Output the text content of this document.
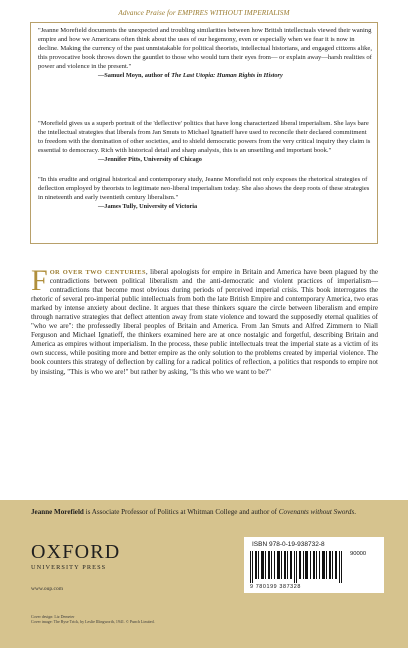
Advance Praise for EMPIRES WITHOUT IMPERIALISM
"Jeanne Morefield documents the unexpected and troubling similarities between how British intellectuals viewed their waning empire and how we Americans often think about the uses of our hegemony, even or especially when we fear it is now in decline. Making the currency of the past unmistakable for political theorists, intellectual historians, and engaged citizens alike, this provocative book throws down the gauntlet to those who would turn their eyes from— or explain away—harsh realities of power and violence in the present."
—Samuel Moyn, author of The Last Utopia: Human Rights in History
"Morefield gives us a superb portrait of the 'deflective' politics that have long characterized liberal imperialism. She lays bare the intellectual strategies that liberals from Jan Smuts to Michael Ignatieff have used to reconcile their declared commitment to freedom with the domination of other societies, and to shield democratic powers from the very critical inquiry they claim is essential to democracy. Rich with historical detail and sharp analysis, this is an unsettling and important book."
—Jennifer Pitts, University of Chicago
"In this erudite and original historical and contemporary study, Jeanne Morefield not only exposes the rhetorical strategies of deflection employed by theorists to legitimate neo-liberal imperialism today. She also shows the deep roots of these strategies in nineteenth and early twentieth century liberalism."
—James Tully, University of Victoria
FOR OVER TWO CENTURIES, liberal apologists for empire in Britain and America have been plagued by the contradictions between political liberalism and the anti-democratic and violent practices of imperialism—contradictions that become most obvious during periods of perceived imperial crisis. This book interrogates the rhetoric of several pro-imperial public intellectuals from both the late British Empire and contemporary America, two eras marked by intense anxiety about decline. It argues that these thinkers square the circle between liberalism and empire through narrative strategies that deflect attention away from state violence and toward the supposedly eternal qualities of "who we are": the professedly liberal peoples of Britain and America. From Jan Smuts and Alfred Zimmern to Niall Ferguson and Michael Ignatieff, the thinkers examined here are at once nostalgic and forgetful, describing Britain and America as empires without imperialism. In the process, these public intellectuals treat the imperial state as a victim of its own success, while positing more and better empire as the only solution to the problems created by imperial violence. The book counters this strategy of deflection by calling for a radical politics of reflection, a politics that responds to empire not by insisting, "This is who we are!" but rather by asking, "Is this who we want to be?"
Jeanne Morefield is Associate Professor of Politics at Whitman College and author of Covenants without Swords.
OXFORD
UNIVERSITY PRESS
www.oup.com
Cover design: Liz Demeter
Cover image: The Ryse Trick, by Leslie Illingworth, 1941. © Punch Limited.
ISBN 978-0-19-938732-8
90000
9 780199 387328
